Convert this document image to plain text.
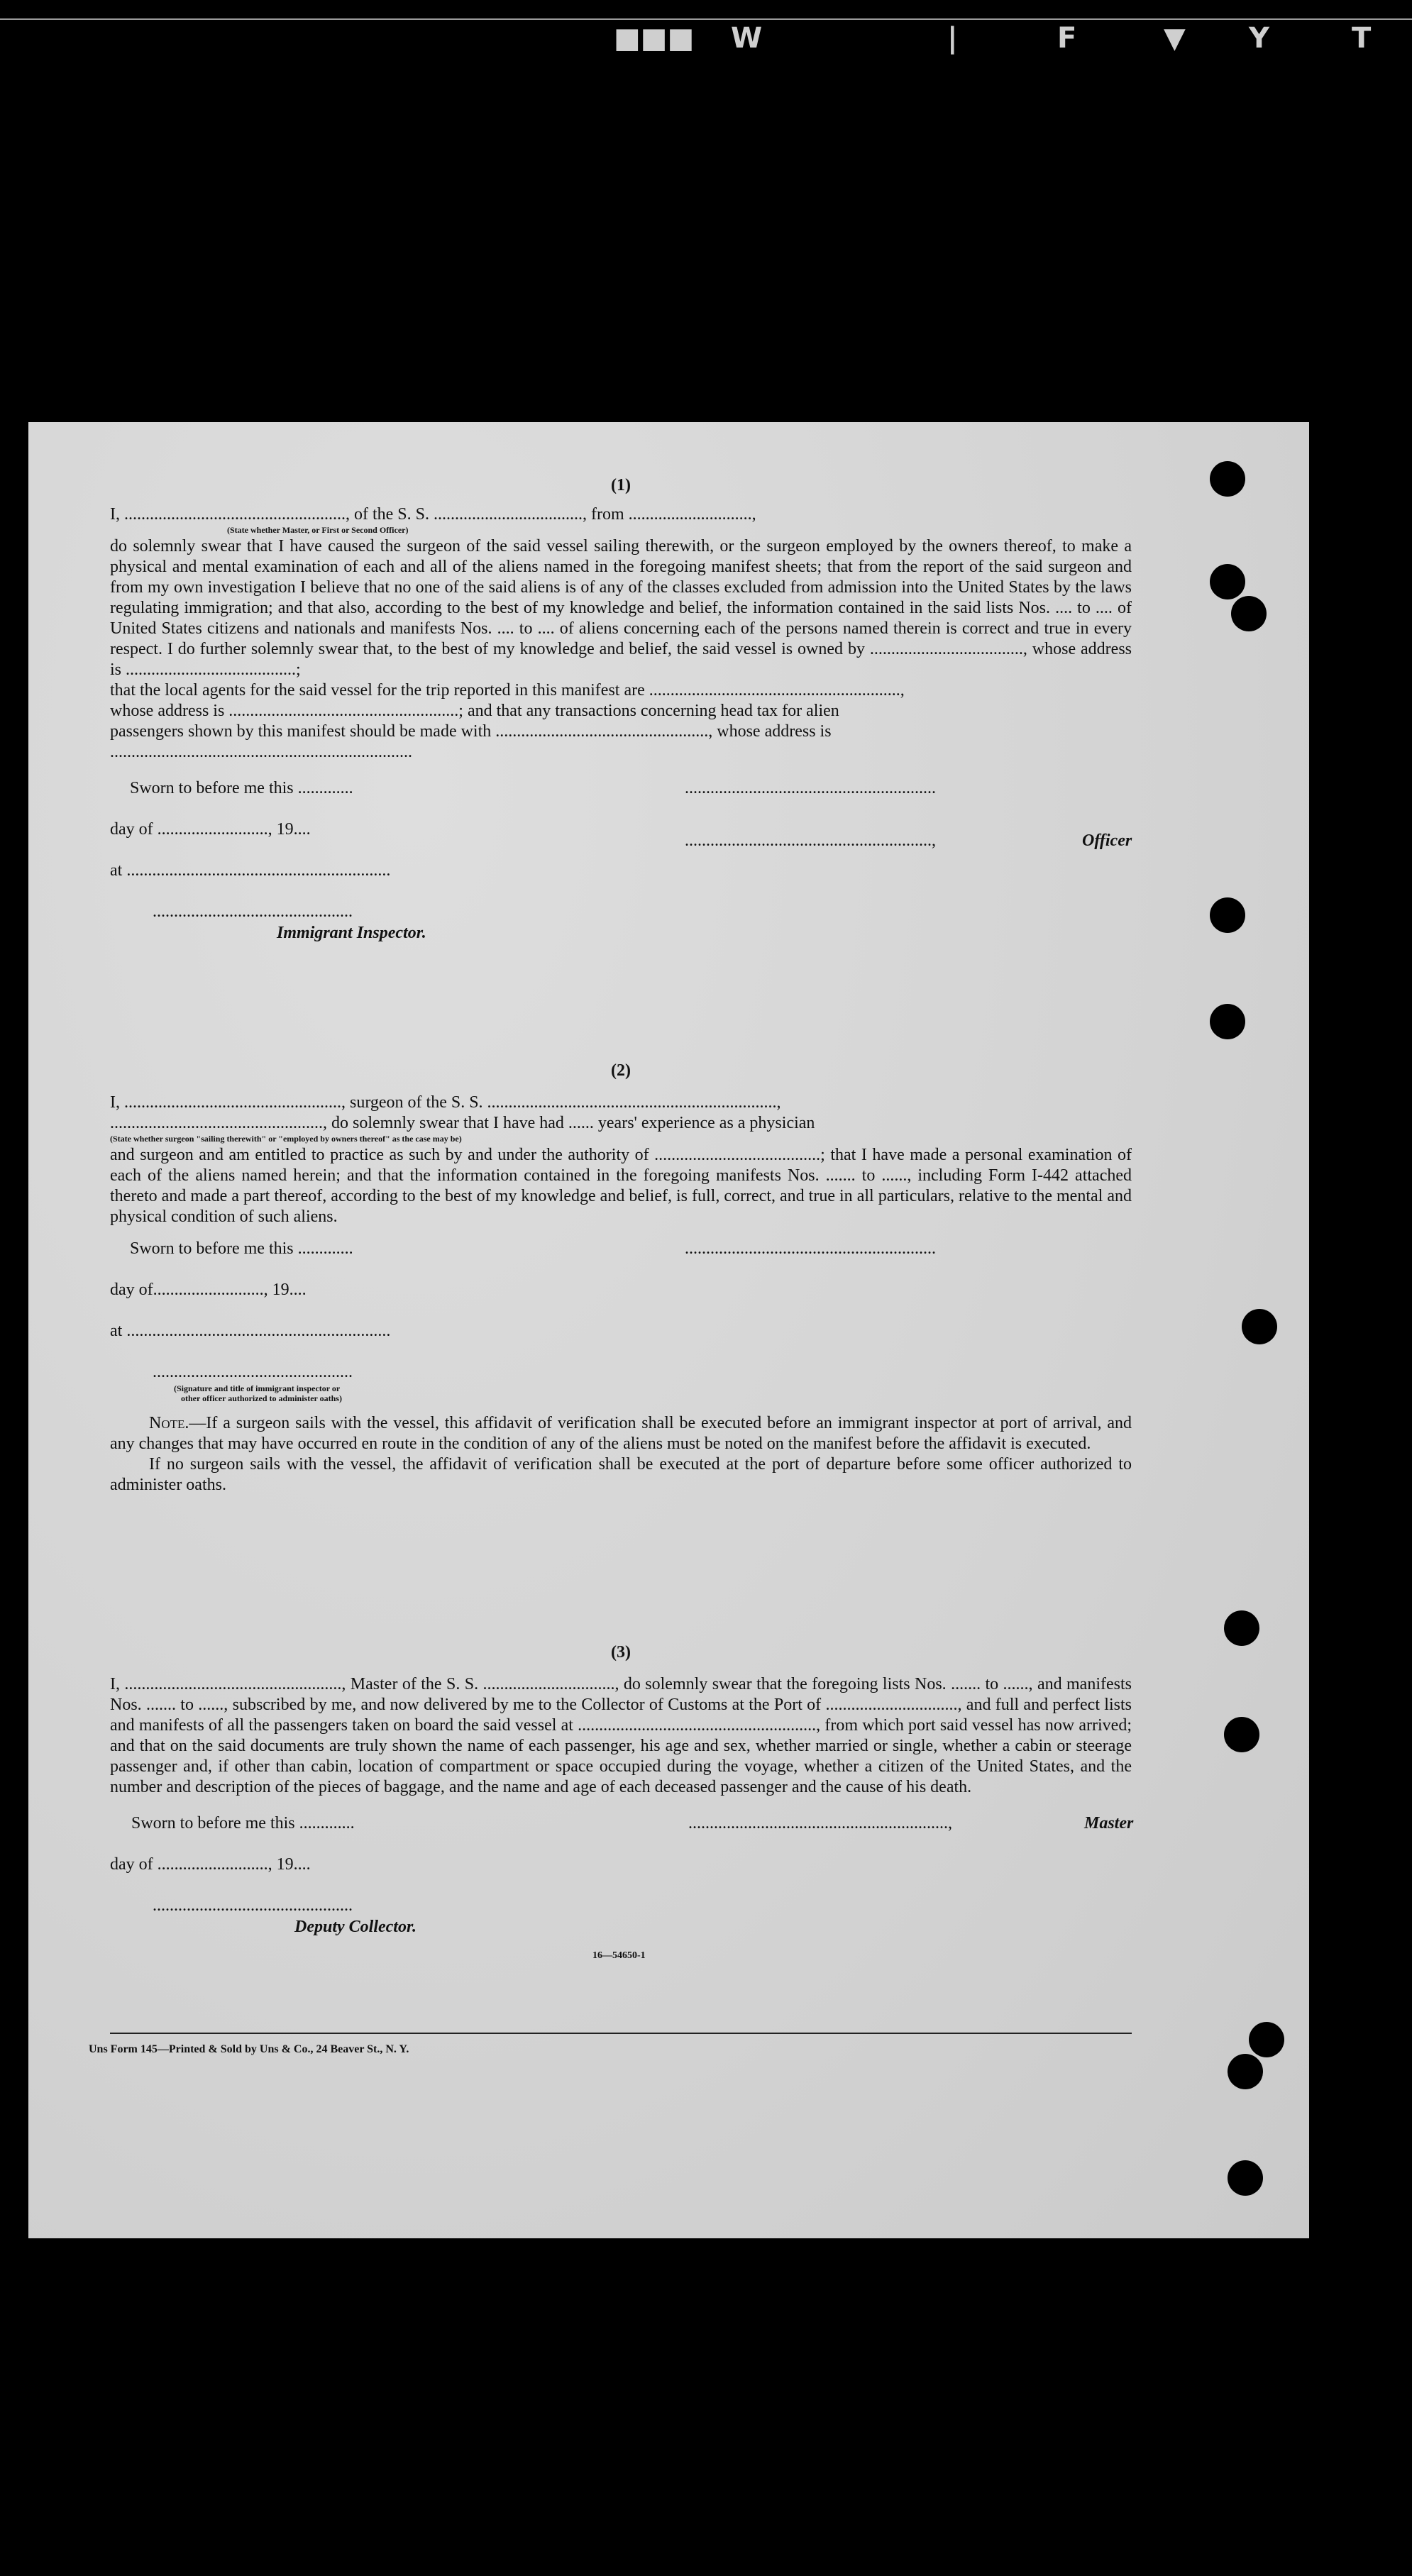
■■■ W	|	F	▼ Y	T

(1)

I, ...................................................., of the S. S. ..................................., from .............................,
(State whether Master, or First or Second Officer)

do solemnly swear that I have caused the surgeon of the said vessel sailing therewith, or the surgeon employed by the owners thereof, to make a physical and mental examination of each and all of the aliens named in the foregoing manifest sheets; that from the report of the said surgeon and from my own investigation I believe that no one of the said aliens is of any of the classes excluded from admission into the United States by the laws regulating immigration; and that also, according to the best of my knowledge and belief, the information contained in the said lists Nos. .... to .... of United States citizens and nationals and manifests Nos. .... to .... of aliens concerning each of the persons named therein is correct and true in every respect. I do further solemnly swear that, to the best of my knowledge and belief, the said vessel is owned by ...................................., whose address is ........................................;

that the local agents for the said vessel for the trip reported in this manifest are ...........................................................,
whose address is ......................................................; and that any transactions concerning head tax for alien
passengers shown by this manifest should be made with .................................................., whose address is
.......................................................................
Sworn to before me this .............	...........................................................
day of .........................., 19....
..........................................................,	Officer
at ..............................................................
...............................................
Immigrant Inspector.

(2)

I, ..................................................., surgeon of the S. S. ....................................................................,
.................................................., do solemnly swear that I have had ...... years' experience as a physician
(State whether surgeon "sailing therewith" or "employed by owners thereof" as the case may be)

and surgeon and am entitled to practice as such by and under the authority of .......................................; that I have made a personal examination of each of the aliens named herein; and that the information contained in the foregoing manifests Nos. ....... to ......, including Form I-442 attached thereto and made a part thereof, according to the best of my knowledge and belief, is full, correct, and true in all particulars, relative to the mental and physical condition of such aliens.

Sworn to before me this .............	...........................................................
day of.........................., 19....
at ..............................................................
...............................................
(Signature and title of immigrant inspector or
other officer authorized to administer oaths)

Note.—If a surgeon sails with the vessel, this affidavit of verification shall be executed before an immigrant inspector at port of arrival, and any changes that may have occurred en route in the condition of any of the aliens must be noted on the manifest before the affidavit is executed.

If no surgeon sails with the vessel, the affidavit of verification shall be executed at the port of departure before some officer authorized to administer oaths.

(3)

I, ..................................................., Master of the S. S. ..............................., do solemnly swear that the foregoing lists Nos. ....... to ......, and manifests Nos. ....... to ......, subscribed by me, and now delivered by me to the Collector of Customs at the Port of ..............................., and full and perfect lists and manifests of all the passengers taken on board the said vessel at ........................................................, from which port said vessel has now arrived; and that on the said documents are truly shown the name of each passenger, his age and sex, whether married or single, whether a cabin or steerage passenger and, if other than cabin, location of compartment or space occupied during the voyage, whether a citizen of the United States, and the number and description of the pieces of baggage, and the name and age of each deceased passenger and the cause of his death.

Sworn to before me this .............	.............................................................,	Master
day of .........................., 19....
...............................................
Deputy Collector.
16—54650-1
Uns Form 145—Printed & Sold by Uns & Co., 24 Beaver St., N. Y.
